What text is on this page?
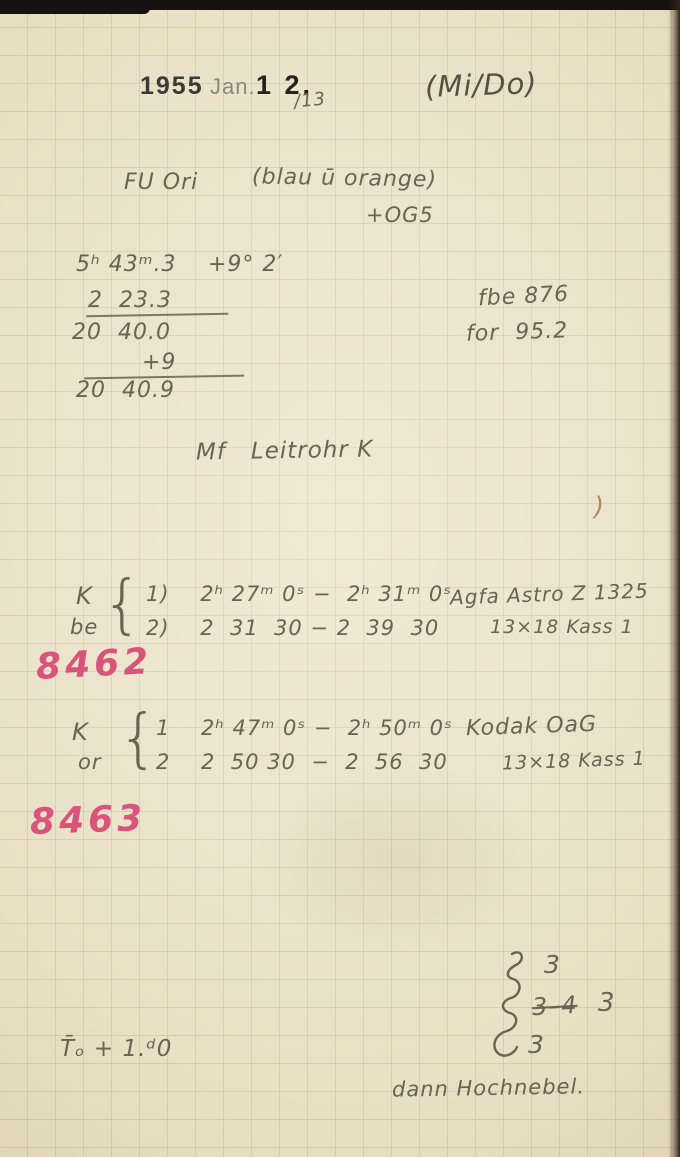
1955 Jan. 1 2.
/13	(Mi/Do)
FU Ori (blau ū orange)
+OG5
5ʰ 43ᵐ.3 +9° 2′
2  23.3
20  40.0
+9
20  40.9
fbe 876
for  95.2
Mf   Leitrohr K
)
K
be { 1)    2ʰ 27ᵐ 0ˢ −  2ʰ 31ᵐ 0ˢ
2)    2  31  30 − 2  39  30
Agfa Astro Z 1325
13×18 Kass 1
8462
K
or {
1    2ʰ 47ᵐ 0ˢ −  2ʰ 50ᵐ 0ˢ
2    2  50 30  −  2  56  30
Kodak OaG
13×18 Kass 1
8463
3
3–4 3
3
T̄ₒ + 1.ᵈ0
dann Hochnebel.
